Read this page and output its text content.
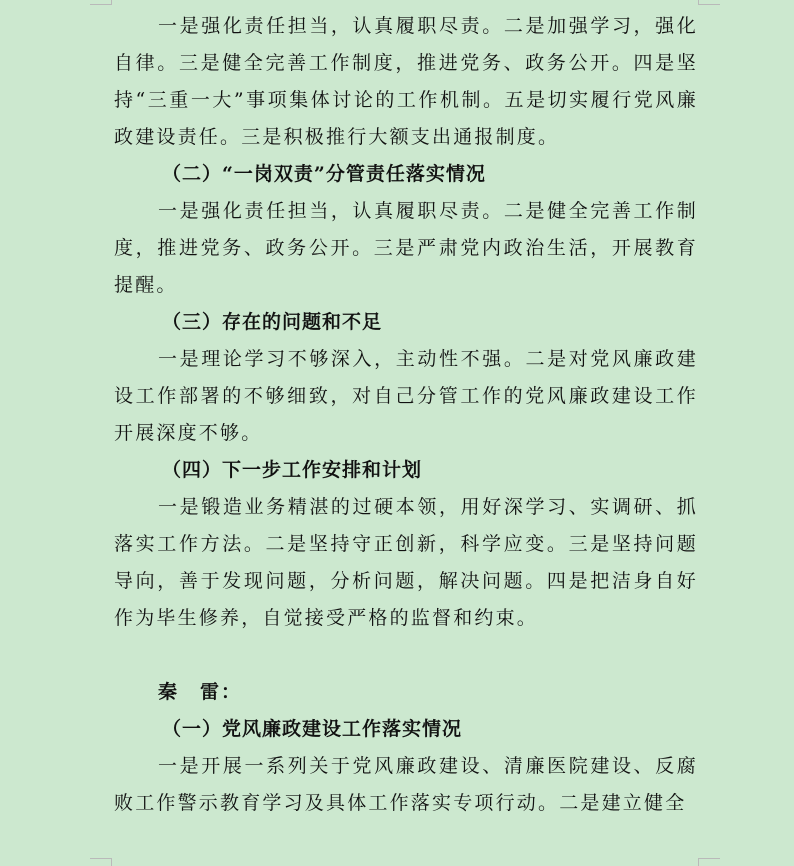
一是强化责任担当，认真履职尽责。二是加强学习，强化自律。三是健全完善工作制度，推进党务、政务公开。四是坚持“三重一大”事项集体讨论的工作机制。五是切实履行党风廉政建设责任。三是积极推行大额支出通报制度。

（二）“一岗双责”分管责任落实情况

一是强化责任担当，认真履职尽责。二是健全完善工作制度，推进党务、政务公开。三是严肃党内政治生活，开展教育提醒。

（三）存在的问题和不足

一是理论学习不够深入，主动性不强。二是对党风廉政建设工作部署的不够细致，对自己分管工作的党风廉政建设工作开展深度不够。

（四）下一步工作安排和计划

一是锻造业务精湛的过硬本领，用好深学习、实调研、抓落实工作方法。二是坚持守正创新，科学应变。三是坚持问题导向，善于发现问题，分析问题，解决问题。四是把洁身自好作为毕生修养，自觉接受严格的监督和约束。

秦　雷：

（一）党风廉政建设工作落实情况

一是开展一系列关于党风廉政建设、清廉医院建设、反腐败工作警示教育学习及具体工作落实专项行动。二是建立健全
